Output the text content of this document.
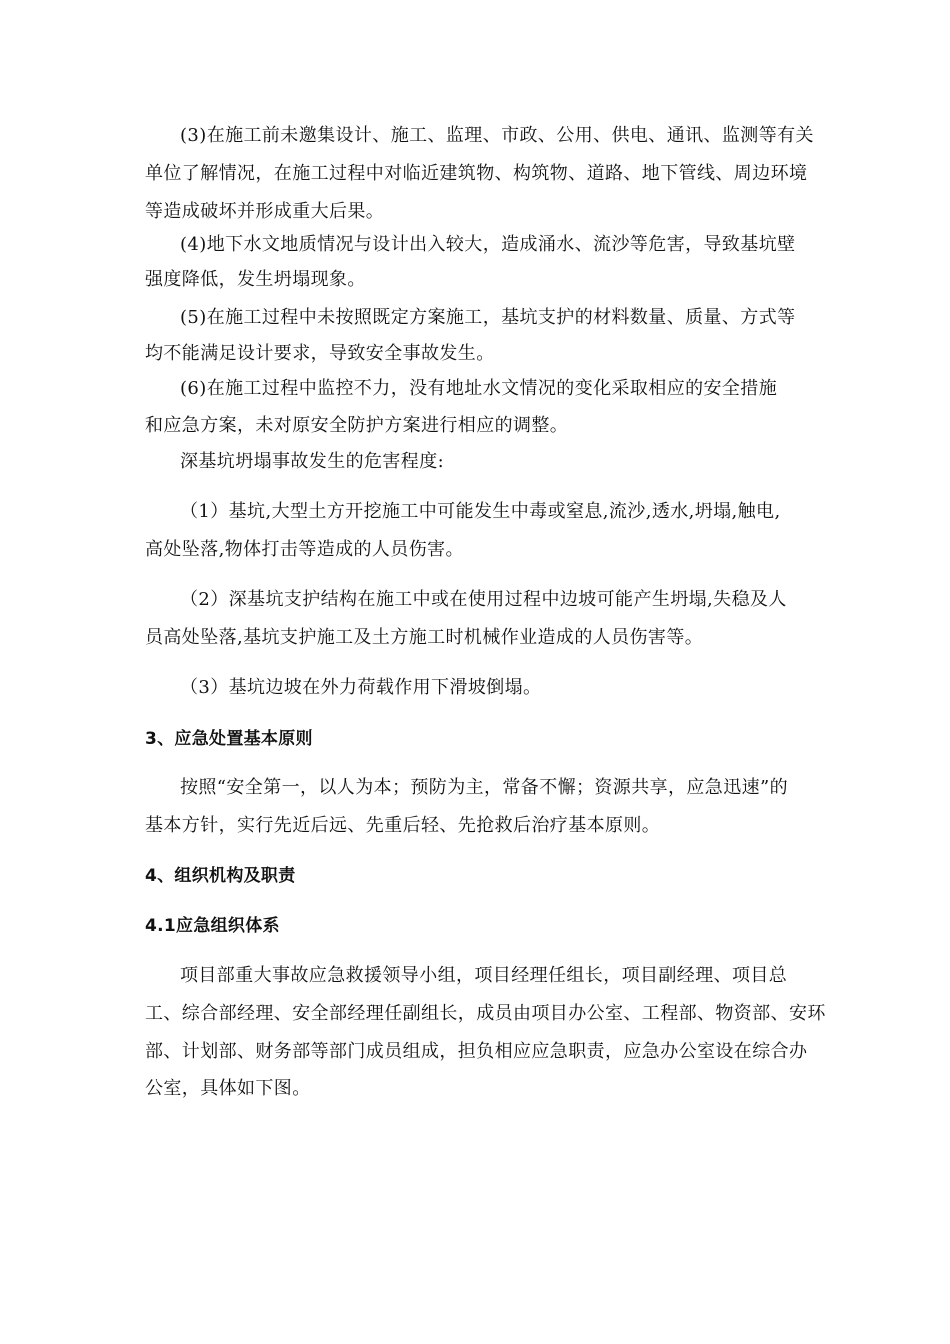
(3)在施工前未邀集设计、施工、监理、市政、公用、供电、通讯、监测等有关
单位了解情况，在施工过程中对临近建筑物、构筑物、道路、地下管线、周边环境
等造成破坏并形成重大后果。
(4)地下水文地质情况与设计出入较大，造成涌水、流沙等危害，导致基坑壁
强度降低，发生坍塌现象。
(5)在施工过程中未按照既定方案施工，基坑支护的材料数量、质量、方式等
均不能满足设计要求，导致安全事故发生。
(6)在施工过程中监控不力，没有地址水文情况的变化采取相应的安全措施
和应急方案，未对原安全防护方案进行相应的调整。
深基坑坍塌事故发生的危害程度:
（1）基坑,大型土方开挖施工中可能发生中毒或窒息,流沙,透水,坍塌,触电,
高处坠落,物体打击等造成的人员伤害。
（2）深基坑支护结构在施工中或在使用过程中边坡可能产生坍塌,失稳及人
员高处坠落,基坑支护施工及土方施工时机械作业造成的人员伤害等。
（3）基坑边坡在外力荷载作用下滑坡倒塌。
3、应急处置基本原则
按照“安全第一，以人为本；预防为主，常备不懈；资源共享，应急迅速”的
基本方针，实行先近后远、先重后轻、先抢救后治疗基本原则。
4、组织机构及职责
4.1应急组织体系
项目部重大事故应急救援领导小组，项目经理任组长，项目副经理、项目总
工、综合部经理、安全部经理任副组长，成员由项目办公室、工程部、物资部、安环
部、计划部、财务部等部门成员组成，担负相应应急职责，应急办公室设在综合办
公室，具体如下图。
